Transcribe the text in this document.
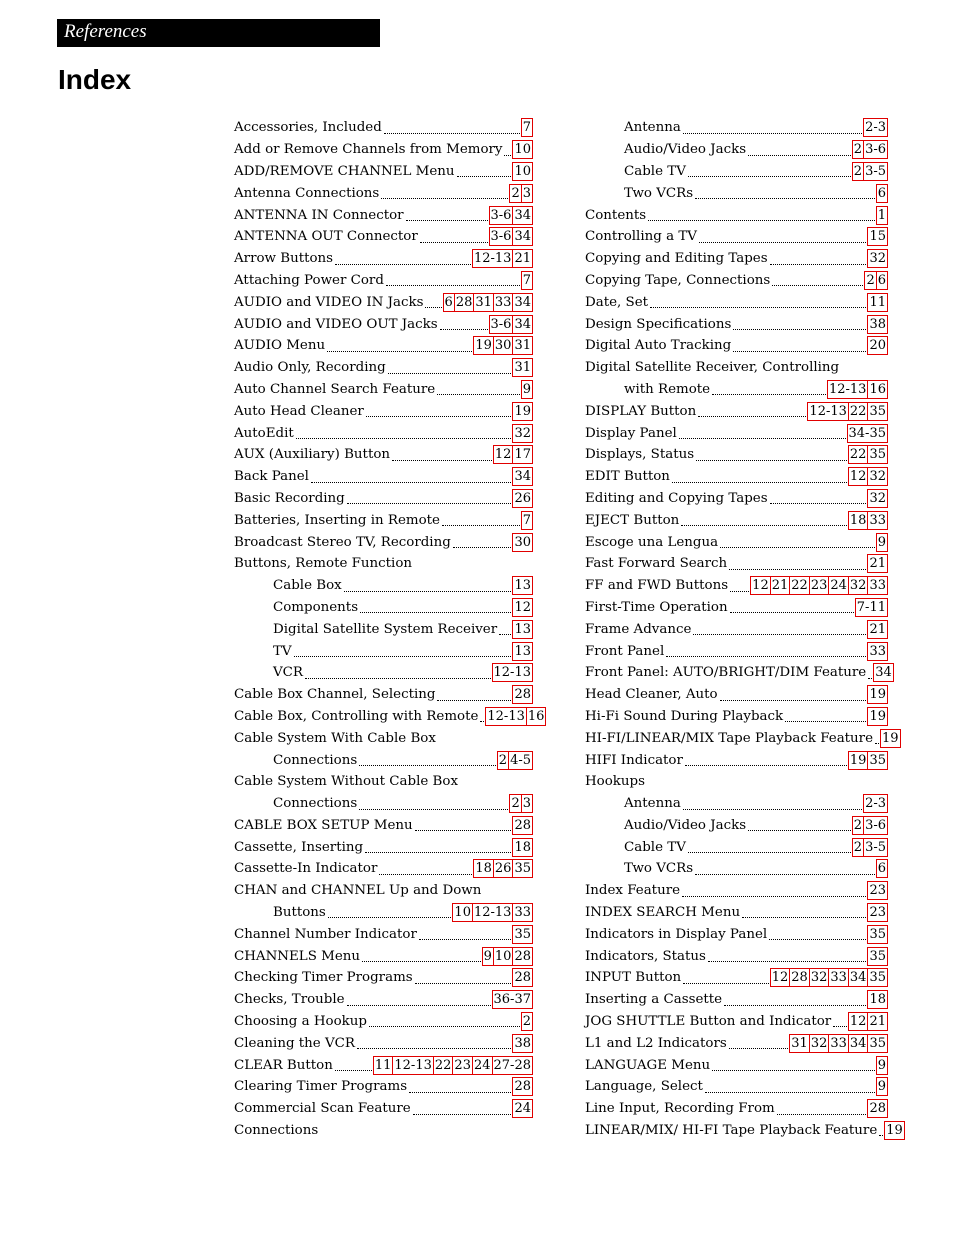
References
Index
Accessories, Included	7
Add or Remove Channels from Memory 10
ADD/REMOVE CHANNEL Menu	10
Antenna Connections	2 3
ANTENNA IN Connector	3-6 34
ANTENNA OUT Connector	3-6 34
Arrow Buttons	12-13 21
Attaching Power Cord	7
AUDIO and VIDEO IN Jacks 6 28 31 33 34
AUDIO and VIDEO OUT Jacks	3-6 34
AUDIO Menu	19 30 31
Audio Only, Recording	31
Auto Channel Search Feature	9
Auto Head Cleaner	19
AutoEdit	32
AUX (Auxiliary) Button	12 17
Back Panel	34
Basic Recording	26
Batteries, Inserting in Remote	7
Broadcast Stereo TV, Recording	30
Buttons, Remote Function
Cable Box	13
Components	12
Digital Satellite System Receiver 13
TV	13
VCR	12-13
Cable Box Channel, Selecting	28
Cable Box, Controlling with Remote 12-13 16
Cable System With Cable Box
Connections	2 4-5
Cable System Without Cable Box
Connections	2 3
CABLE BOX SETUP Menu	28
Cassette, Inserting	18
Cassette-In Indicator	18 26 35
CHAN and CHANNEL Up and Down
Buttons	10 12-13 33
Channel Number Indicator	35
CHANNELS Menu	9 10 28
Checking Timer Programs	28
Checks, Trouble	36-37
Choosing a Hookup	2
Cleaning the VCR	38
CLEAR Button	11 12-13 22 23 24 27-28
Clearing Timer Programs	28
Commercial Scan Feature	24
Connections
Antenna	2-3
Audio/Video Jacks	2 3-6
Cable TV	2 3-5
Two VCRs	6
Contents	1
Controlling a TV	15
Copying and Editing Tapes	32
Copying Tape, Connections	2 6
Date, Set	11
Design Specifications	38
Digital Auto Tracking	20
Digital Satellite Receiver, Controlling
with Remote	12-13 16
DISPLAY Button	12-13 22 35
Display Panel	34-35
Displays, Status	22 35
EDIT Button	12 32
Editing and Copying Tapes	32
EJECT Button	18 33
Escoge una Lengua	9
Fast Forward Search	21
FF and FWD Buttons 12 21 22 23 24 32 33
First-Time Operation	7-11
Frame Advance	21
Front Panel	33
Front Panel: AUTO/BRIGHT/DIM Feature 34
Head Cleaner, Auto	19
Hi-Fi Sound During Playback	19
HI-FI/LINEAR/MIX Tape Playback Feature 19
HIFI Indicator	19 35
Hookups
Antenna	2-3
Audio/Video Jacks	2 3-6
Cable TV	2 3-5
Two VCRs	6
Index Feature	23
INDEX SEARCH Menu	23
Indicators in Display Panel	35
Indicators, Status	35
INPUT Button	12 28 32 33 34 35
Inserting a Cassette	18
JOG SHUTTLE Button and Indicator 12 21
L1 and L2 Indicators	31 32 33 34 35
LANGUAGE Menu	9
Language, Select	9
Line Input, Recording From	28
LINEAR/MIX/ HI-FI Tape Playback Feature 19
